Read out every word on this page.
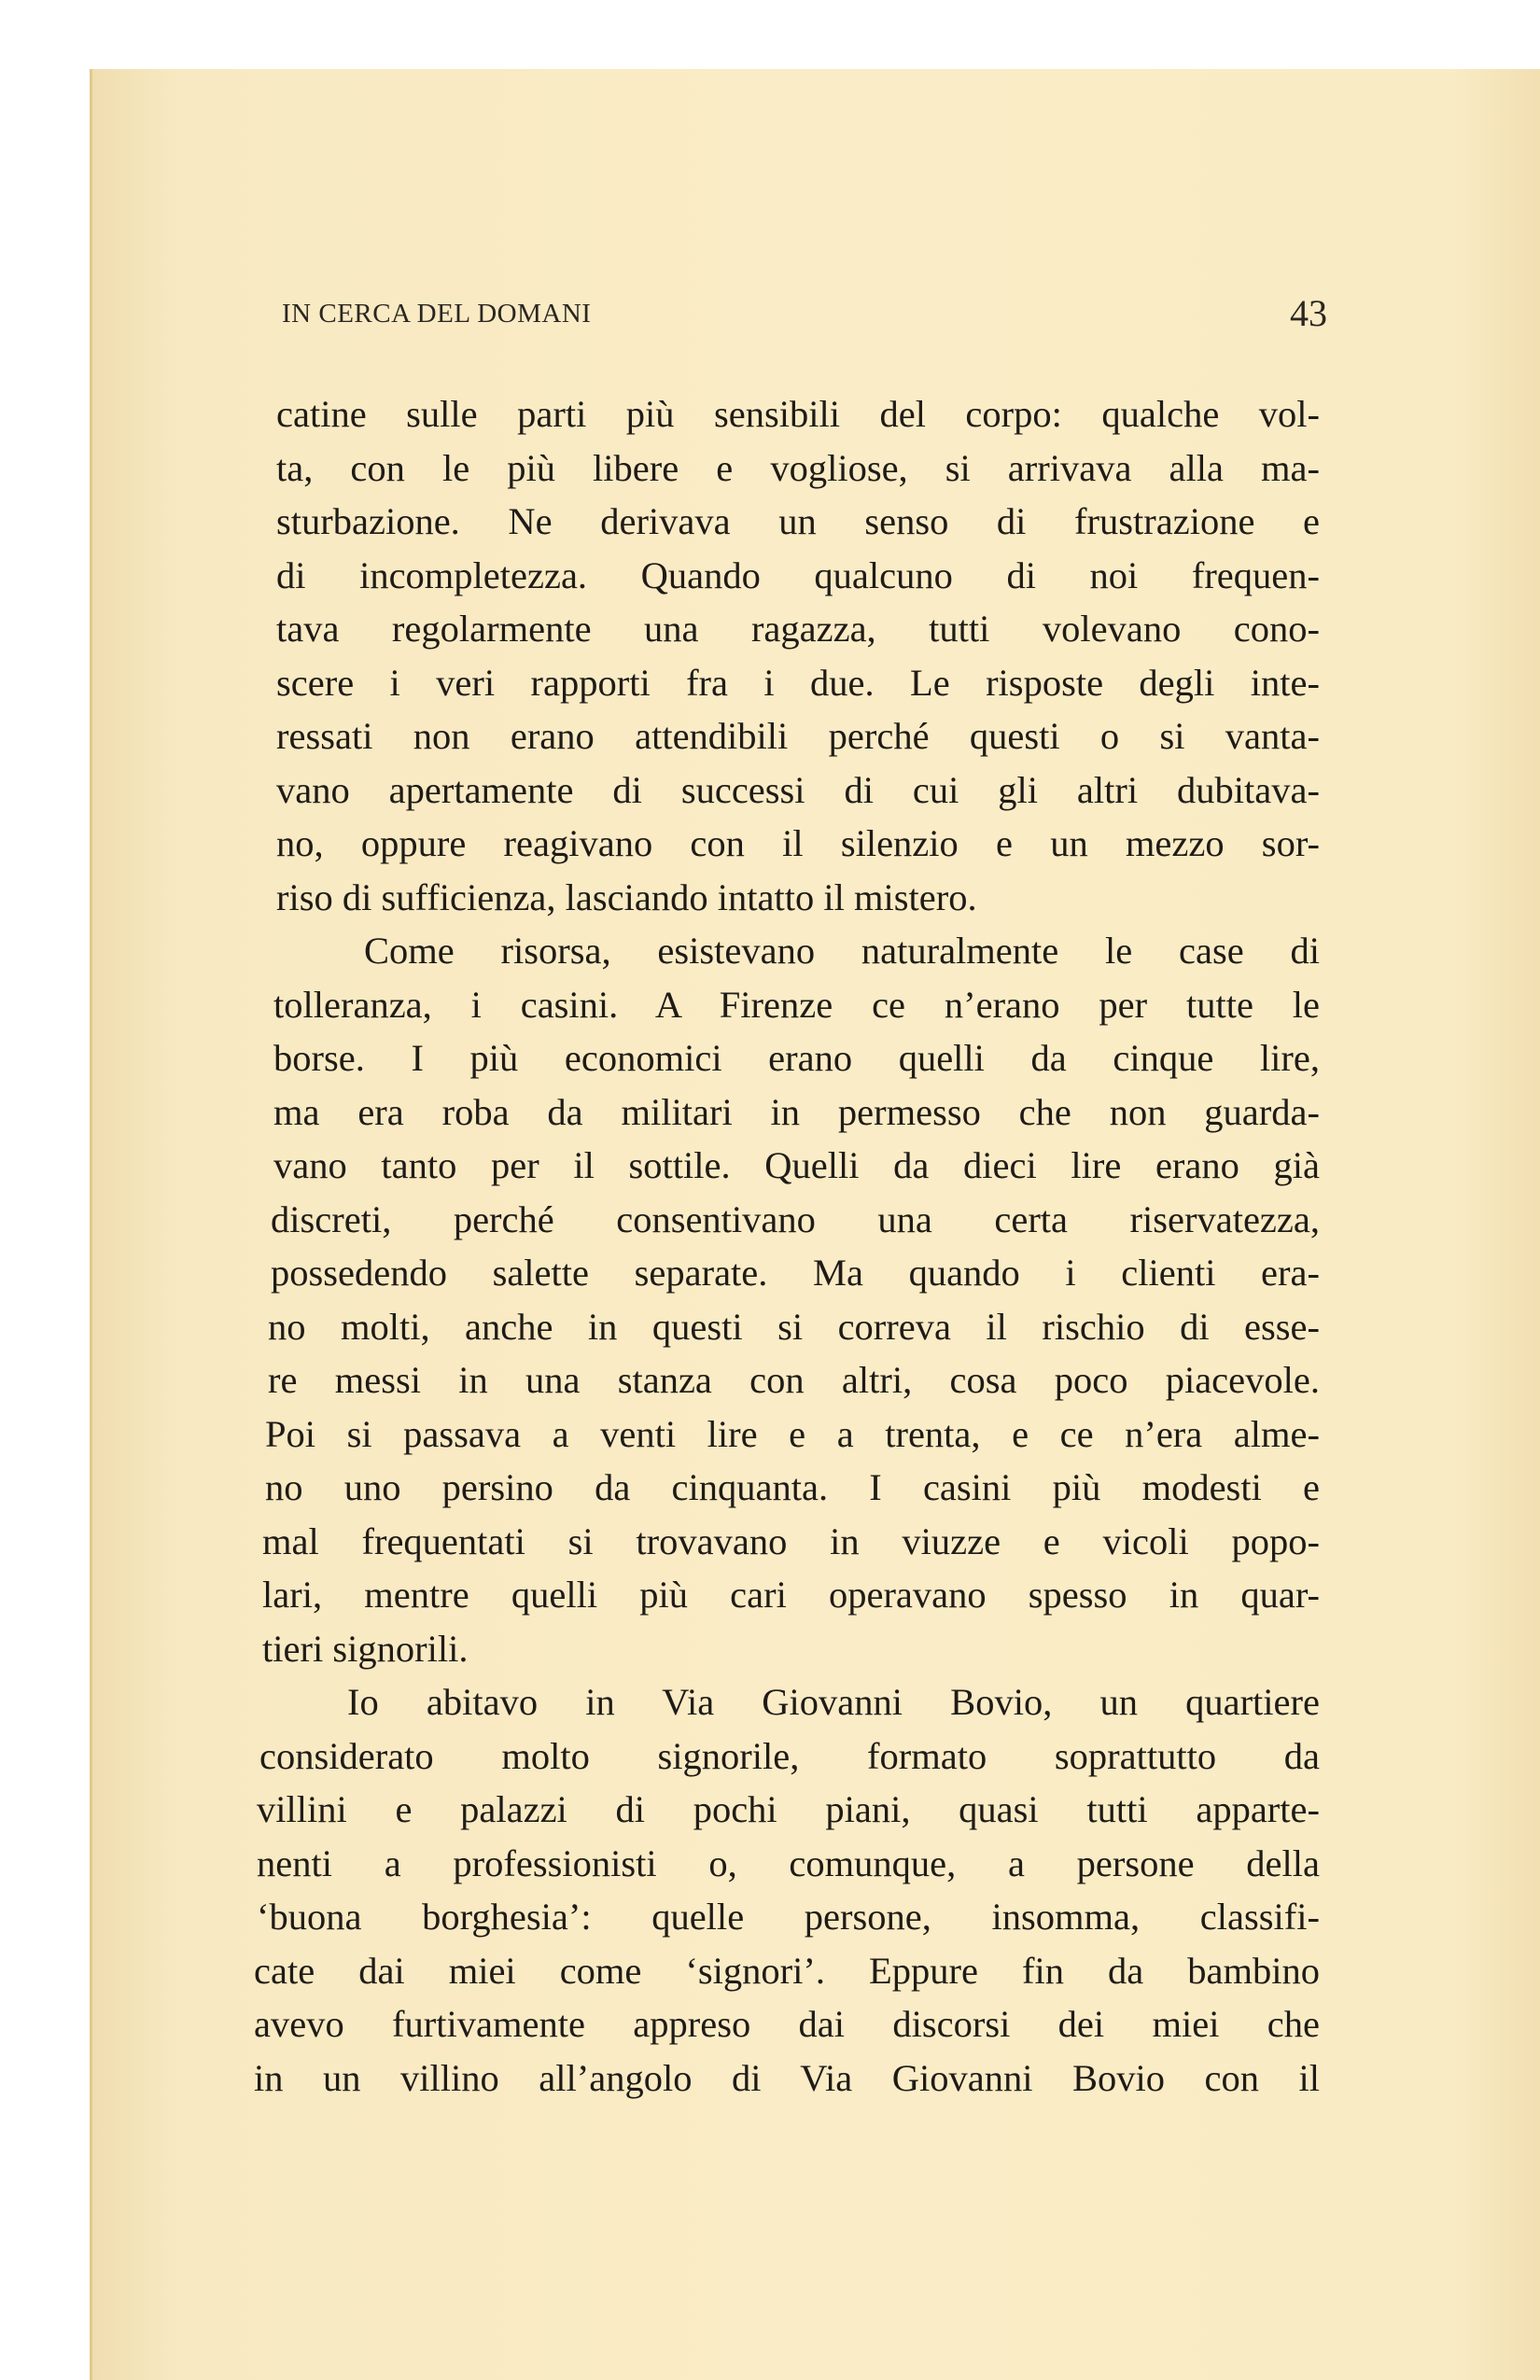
IN CERCA DEL DOMANI	43
catine sulle parti più sensibili del corpo: qualche vol-
ta, con le più libere e vogliose, si arrivava alla ma-
sturbazione. Ne derivava un senso di frustrazione e
di incompletezza. Quando qualcuno di noi frequen-
tava regolarmente una ragazza, tutti volevano cono-
scere i veri rapporti fra i due. Le risposte degli inte-
ressati non erano attendibili perché questi o si vanta-
vano apertamente di successi di cui gli altri dubitava-
no, oppure reagivano con il silenzio e un mezzo sor-
riso di sufficienza, lasciando intatto il mistero.
Come risorsa, esistevano naturalmente le case di
tolleranza, i casini. A Firenze ce n’erano per tutte le
borse. I più economici erano quelli da cinque lire,
ma era roba da militari in permesso che non guarda-
vano tanto per il sottile. Quelli da dieci lire erano già
discreti, perché consentivano una certa riservatezza,
possedendo salette separate. Ma quando i clienti era-
no molti, anche in questi si correva il rischio di esse-
re messi in una stanza con altri, cosa poco piacevole.
Poi si passava a venti lire e a trenta, e ce n’era alme-
no uno persino da cinquanta. I casini più modesti e
mal frequentati si trovavano in viuzze e vicoli popo-
lari, mentre quelli più cari operavano spesso in quar-
tieri signorili.
Io abitavo in Via Giovanni Bovio, un quartiere
considerato molto signorile, formato soprattutto da
villini e palazzi di pochi piani, quasi tutti apparte-
nenti a professionisti o, comunque, a persone della
‘buona borghesia’: quelle persone, insomma, classifi-
cate dai miei come ‘signori’. Eppure fin da bambino
avevo furtivamente appreso dai discorsi dei miei che
in un villino all’angolo di Via Giovanni Bovio con il
